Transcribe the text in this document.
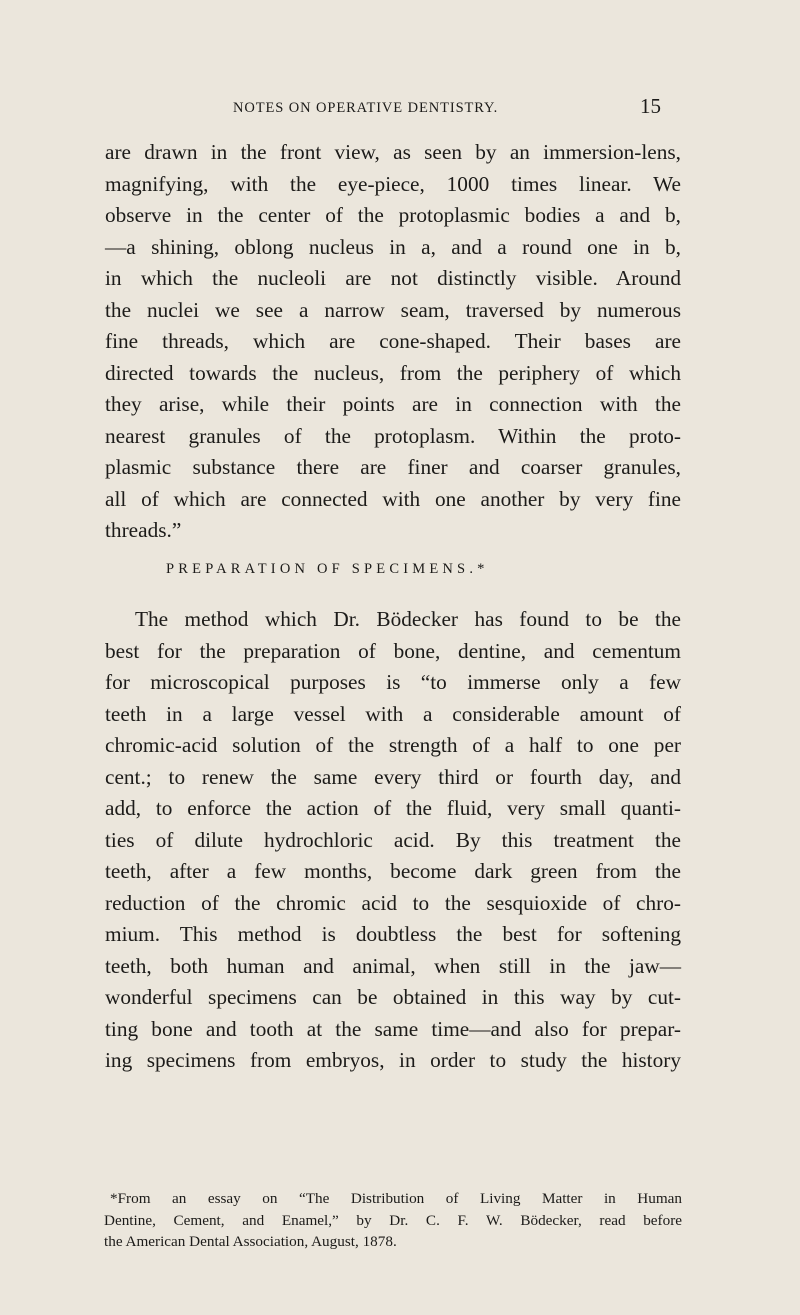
NOTES ON OPERATIVE DENTISTRY.	15
are drawn in the front view, as seen by an immersion-lens,
magnifying, with the eye-piece, 1000 times linear. We
observe in the center of the protoplasmic bodies a and b,
—a shining, oblong nucleus in a, and a round one in b,
in which the nucleoli are not distinctly visible. Around
the nuclei we see a narrow seam, traversed by numerous
fine threads, which are cone-shaped. Their bases are
directed towards the nucleus, from the periphery of which
they arise, while their points are in connection with the
nearest granules of the protoplasm. Within the proto-
plasmic substance there are finer and coarser granules,
all of which are connected with one another by very fine
threads.”
PREPARATION OF SPECIMENS.*
The method which Dr. Bödecker has found to be the
best for the preparation of bone, dentine, and cementum
for microscopical purposes is “to immerse only a few
teeth in a large vessel with a considerable amount of
chromic-acid solution of the strength of a half to one per
cent.; to renew the same every third or fourth day, and
add, to enforce the action of the fluid, very small quanti-
ties of dilute hydrochloric acid. By this treatment the
teeth, after a few months, become dark green from the
reduction of the chromic acid to the sesquioxide of chro-
mium. This method is doubtless the best for softening
teeth, both human and animal, when still in the jaw—
wonderful specimens can be obtained in this way by cut-
ting bone and tooth at the same time—and also for prepar-
ing specimens from embryos, in order to study the history
*From an essay on “The Distribution of Living Matter in Human
Dentine, Cement, and Enamel,” by Dr. C. F. W. Bödecker, read before
the American Dental Association, August, 1878.
